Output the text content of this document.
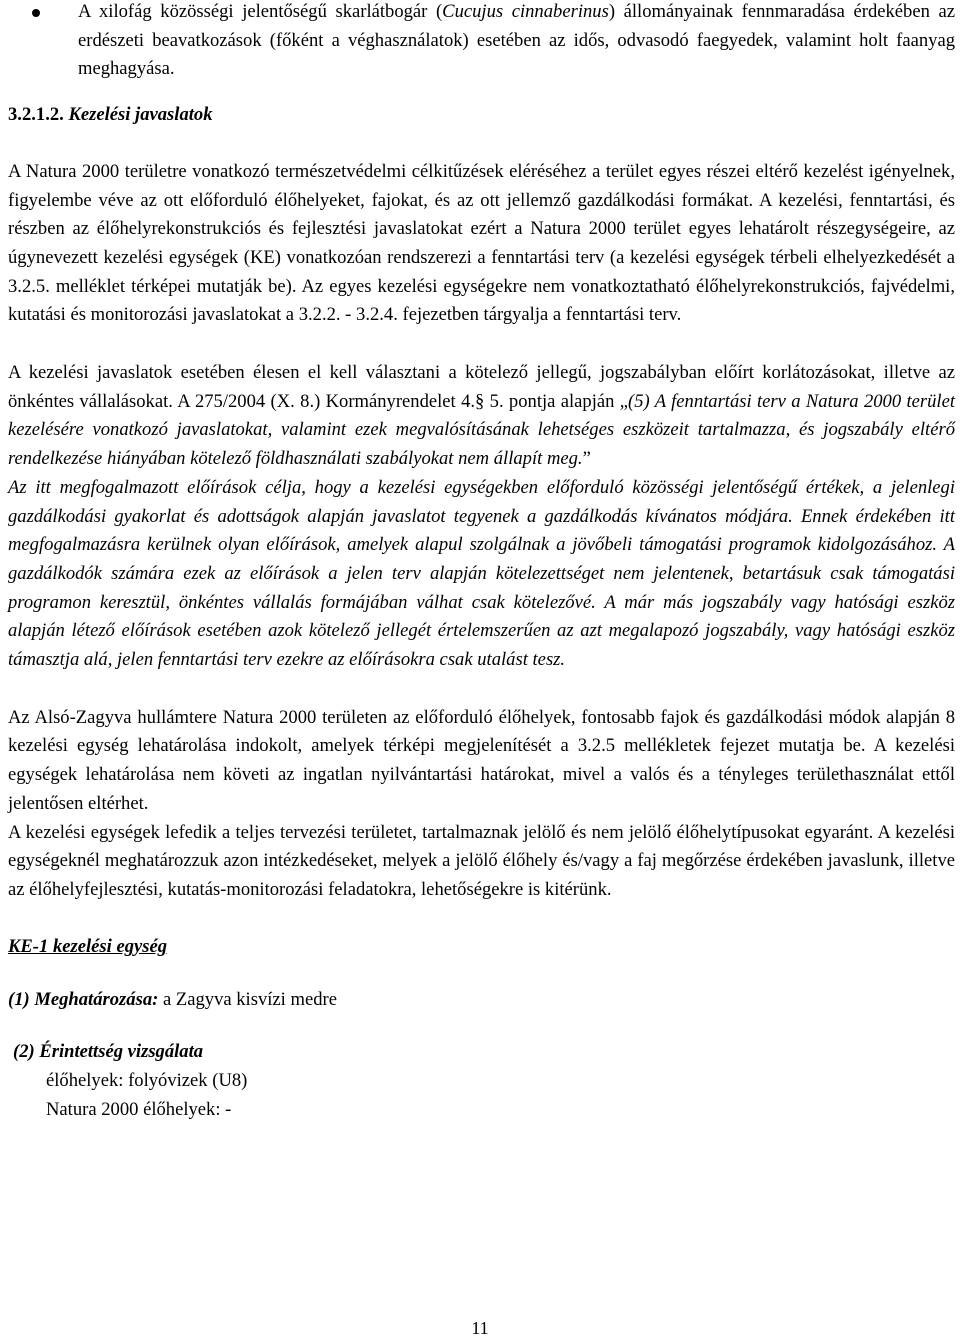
A xilofág közösségi jelentőségű skarlátbogár (Cucujus cinnaberinus) állományainak fennmaradása érdekében az erdészeti beavatkozások (főként a véghasználatok) esetében az idős, odvasodó faegyedek, valamint holt faanyag meghagyása.
3.2.1.2. Kezelési javaslatok

A Natura 2000 területre vonatkozó természetvédelmi célkitűzések eléréséhez a terület egyes részei eltérő kezelést igényelnek, figyelembe véve az ott előforduló élőhelyeket, fajokat, és az ott jellemző gazdálkodási formákat. A kezelési, fenntartási, és részben az élőhelyrekonstrukciós és fejlesztési javaslatokat ezért a Natura 2000 terület egyes lehatárolt részegységeire, az úgynevezett kezelési egységek (KE) vonatkozóan rendszerezi a fenntartási terv (a kezelési egységek térbeli elhelyezkedését a 3.2.5. melléklet térképei mutatják be). Az egyes kezelési egységekre nem vonatkoztatható élőhelyrekonstrukciós, fajvédelmi, kutatási és monitorozási javaslatokat a 3.2.2. - 3.2.4. fejezetben tárgyalja a fenntartási terv.

A kezelési javaslatok esetében élesen el kell választani a kötelező jellegű, jogszabályban előírt korlátozásokat, illetve az önkéntes vállalásokat. A 275/2004 (X. 8.) Kormányrendelet 4.§ 5. pontja alapján „(5) A fenntartási terv a Natura 2000 terület kezelésére vonatkozó javaslatokat, valamint ezek megvalósításának lehetséges eszközeit tartalmazza, és jogszabály eltérő rendelkezése hiányában kötelező földhasználati szabályokat nem állapít meg.”

Az itt megfogalmazott előírások célja, hogy a kezelési egységekben előforduló közösségi jelentőségű értékek, a jelenlegi gazdálkodási gyakorlat és adottságok alapján javaslatot tegyenek a gazdálkodás kívánatos módjára. Ennek érdekében itt megfogalmazásra kerülnek olyan előírások, amelyek alapul szolgálnak a jövőbeli támogatási programok kidolgozásához. A gazdálkodók számára ezek az előírások a jelen terv alapján kötelezettséget nem jelentenek, betartásuk csak támogatási programon keresztül, önkéntes vállalás formájában válhat csak kötelezővé. A már más jogszabály vagy hatósági eszköz alapján létező előírások esetében azok kötelező jellegét értelemszerűen az azt megalapozó jogszabály, vagy hatósági eszköz támasztja alá, jelen fenntartási terv ezekre az előírásokra csak utalást tesz.

Az Alsó-Zagyva hullámtere Natura 2000 területen az előforduló élőhelyek, fontosabb fajok és gazdálkodási módok alapján 8 kezelési egység lehatárolása indokolt, amelyek térképi megjelenítését a 3.2.5 mellékletek fejezet mutatja be. A kezelési egységek lehatárolása nem követi az ingatlan nyilvántartási határokat, mivel a valós és a tényleges területhasználat ettől jelentősen eltérhet.

A kezelési egységek lefedik a teljes tervezési területet, tartalmaznak jelölő és nem jelölő élőhelytípusokat egyaránt. A kezelési egységeknél meghatározzuk azon intézkedéseket, melyek a jelölő élőhely és/vagy a faj megőrzése érdekében javaslunk, illetve az élőhelyfejlesztési, kutatás-monitorozási feladatokra, lehetőségekre is kitérünk.

KE-1 kezelési egység
(1) Meghatározása: a Zagyva kisvízi medre
(2) Érintettség vizsgálata
élőhelyek: folyóvizek (U8)
Natura 2000 élőhelyek: -
11
